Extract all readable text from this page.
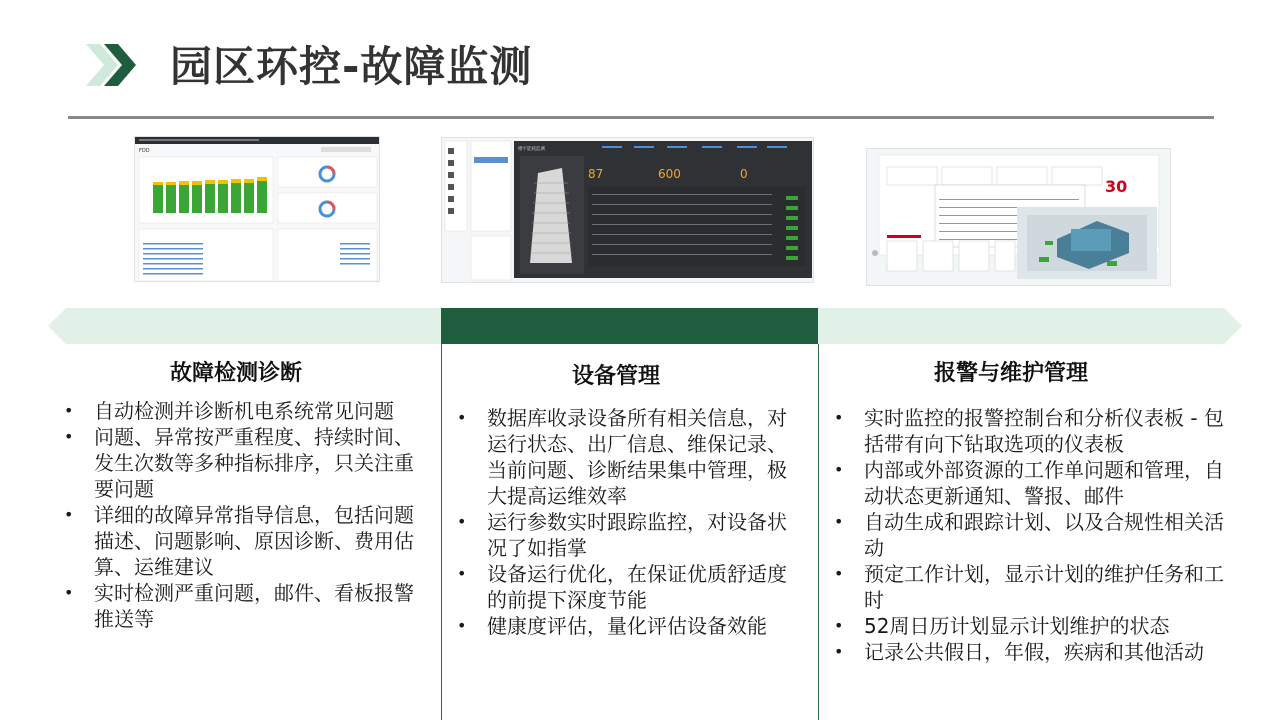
园区环控-故障监测
FDD	楼宇能耗监测
87	600	0
30
故障检测诊断	设备管理	报警与维护管理
• 自动检测并诊断机电系统常见问题
• 问题、异常按严重程度、持续时间、发生次数等多种指标排序，只关注重要问题
• 详细的故障异常指导信息，包括问题描述、问题影响、原因诊断、费用估算、运维建议
• 实时检测严重问题，邮件、看板报警推送等
• 数据库收录设备所有相关信息，对运行状态、出厂信息、维保记录、当前问题、诊断结果集中管理，极大提高运维效率
• 运行参数实时跟踪监控，对设备状况了如指掌
• 设备运行优化，在保证优质舒适度的前提下深度节能
• 健康度评估，量化评估设备效能
• 实时监控的报警控制台和分析仪表板 - 包括带有向下钻取选项的仪表板
• 内部或外部资源的工作单问题和管理，自动状态更新通知、警报、邮件
• 自动生成和跟踪计划、以及合规性相关活动
• 预定工作计划，显示计划的维护任务和工时
• 52周日历计划显示计划维护的状态
• 记录公共假日，年假，疾病和其他活动
